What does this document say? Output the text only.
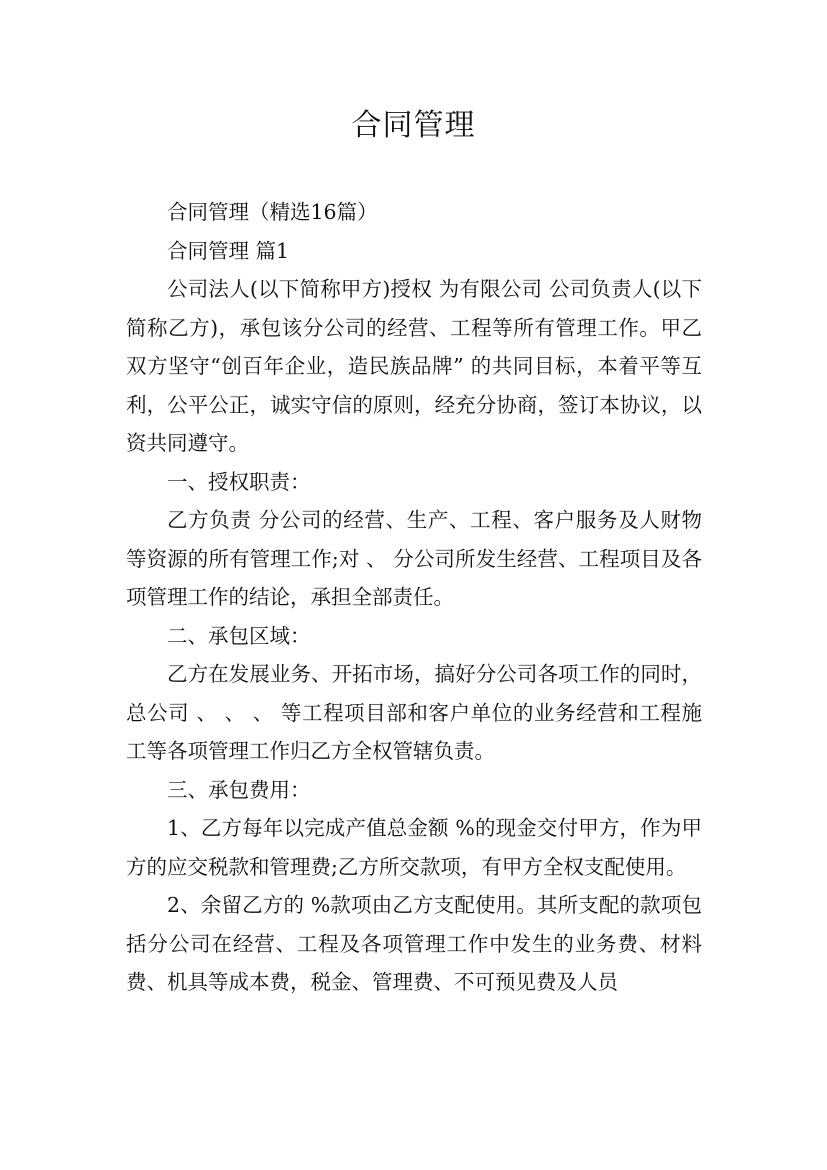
合同管理

合同管理（精选16篇）

合同管理 篇1

公司法人(以下简称甲方)授权 为有限公司 公司负责人(以下简称乙方)，承包该分公司的经营、工程等所有管理工作。甲乙双方坚守“创百年企业，造民族品牌” 的共同目标，本着平等互利，公平公正，诚实守信的原则，经充分协商，签订本协议，以资共同遵守。

一、授权职责：

乙方负责 分公司的经营、生产、工程、客户服务及人财物等资源的所有管理工作;对 、 分公司所发生经营、工程项目及各项管理工作的结论，承担全部责任。

二、承包区域：

乙方在发展业务、开拓市场，搞好分公司各项工作的同时，总公司 、 、 、 等工程项目部和客户单位的业务经营和工程施工等各项管理工作归乙方全权管辖负责。

三、承包费用：

1、乙方每年以完成产值总金额 %的现金交付甲方，作为甲方的应交税款和管理费;乙方所交款项，有甲方全权支配使用。

2、余留乙方的 %款项由乙方支配使用。其所支配的款项包括分公司在经营、工程及各项管理工作中发生的业务费、材料费、机具等成本费，税金、管理费、不可预见费及人员
